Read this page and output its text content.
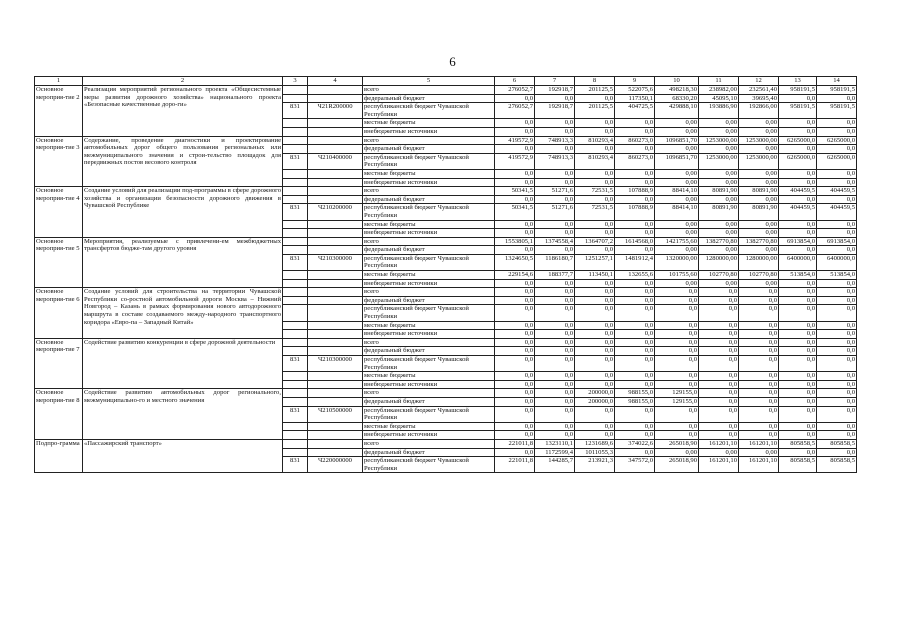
6
1	2	3	4	5	6	7	8	9	10	11	12	13	14
Основное мероприя-тие 2	Реализация мероприятий регионального проекта «Общесистемные меры развития дорожного хозяйства» национального проекта «Безопасные качественные доро-ги»			всего	276052,7	192918,7	201125,5	522075,6	498218,30	238982,00	232561,40	958191,5	958191,5
				федеральный бюджет	0,0	0,0	0,0	117350,1	68330,20	45095,10	39695,40	0,0	0,0
		831	Ч21R200000	республиканский бюджет Чувашской Республики	276052,7	192918,7	201125,5	404725,5	429888,10	193886,90	192866,00	958191,5	958191,5
				местные бюджеты	0,0	0,0	0,0	0,0	0,00	0,00	0,00	0,0	0,0
				внебюджетные источники	0,0	0,0	0,0	0,0	0,00	0,00	0,00	0,0	0,0
Основное мероприя-тие 3	Содержание, проведение диагностики и проектирование автомобильных дорог общего пользования региональных или межмуниципального значения и строи-тельство площадок для передвижных постов весового контроля			всего	419572,9	748913,3	810293,4	860273,0	1096851,70	1253000,00	1253000,00	6265000,0	6265000,0
				федеральный бюджет	0,0	0,0	0,0	0,0	0,00	0,00	0,00	0,0	0,0
		831	Ч210400000	республиканский бюджет Чувашской Республики	419572,9	748913,3	810293,4	860273,0	1096851,70	1253000,00	1253000,00	6265000,0	6265000,0
				местные бюджеты	0,0	0,0	0,0	0,0	0,00	0,00	0,00	0,0	0,0
				внебюджетные источники	0,0	0,0	0,0	0,0	0,00	0,00	0,00	0,0	0,0
Основное мероприя-тие 4	Создание условий для реализации под-программы в сфере дорожного хозяйства и организации безопасности дорожного движения в Чувашской Республике			всего	50341,5	51271,6	72531,5	107888,9	88414,10	80891,90	80891,90	404459,5	404459,5
				федеральный бюджет	0,0	0,0	0,0	0,0	0,00	0,00	0,00	0,0	0,0
		831	Ч210200000	республиканский бюджет Чувашской Республики	50341,5	51271,6	72531,5	107888,9	88414,10	80891,90	80891,90	404459,5	404459,5
				местные бюджеты	0,0	0,0	0,0	0,0	0,00	0,00	0,00	0,0	0,0
				внебюджетные источники	0,0	0,0	0,0	0,0	0,00	0,00	0,00	0,0	0,0
Основное мероприя-тие 5	Мероприятия, реализуемые с привлечени-ем межбюджетных трансфертов бюдже-там другого уровня			всего	1553805,1	1374558,4	1364707,2	1614568,0	1421755,60	1382770,80	1382770,80	6913854,0	6913854,0
				федеральный бюджет	0,0	0,0	0,0	0,0	0,00	0,00	0,00	0,0	0,0
		831	Ч210300000	республиканский бюджет Чувашской Республики	1324650,5	1186180,7	1251257,1	1481912,4	1320000,00	1280000,00	1280000,00	6400000,0	6400000,0
				местные бюджеты	229154,6	188377,7	113450,1	132655,6	101755,60	102770,80	102770,80	513854,0	513854,0
				внебюджетные источники	0,0	0,0	0,0	0,0	0,00	0,00	0,00	0,0	0,0
Основное мероприя-тие 6	Создание условий для строительства на территории Чувашской Республики со-ростной автомобильной дороги Москва – Нижний Новгород – Казань в рамках формирования нового автодорожного маршрута в составе создаваемого между-народного транспортного коридора «Евро-па – Западный Китай»			всего	0,0	0,0	0,0	0,0	0,0	0,0	0,0	0,0	0,0
				федеральный бюджет	0,0	0,0	0,0	0,0	0,0	0,0	0,0	0,0	0,0
				республиканский бюджет Чувашской Республики	0,0	0,0	0,0	0,0	0,0	0,0	0,0	0,0	0,0
				местные бюджеты	0,0	0,0	0,0	0,0	0,0	0,0	0,0	0,0	0,0
				внебюджетные источники	0,0	0,0	0,0	0,0	0,0	0,0	0,0	0,0	0,0
Основное мероприя-тие 7	Содействие развитию конкуренции в сфере дорожной деятельности			всего	0,0	0,0	0,0	0,0	0,0	0,0	0,0	0,0	0,0
				федеральный бюджет	0,0	0,0	0,0	0,0	0,0	0,0	0,0	0,0	0,0
		831	Ч210300000	республиканский бюджет Чувашской Республики	0,0	0,0	0,0	0,0	0,0	0,0	0,0	0,0	0,0
				местные бюджеты	0,0	0,0	0,0	0,0	0,0	0,0	0,0	0,0	0,0
				внебюджетные источники	0,0	0,0	0,0	0,0	0,0	0,0	0,0	0,0	0,0
Основное мероприя-тие 8	Содействие развитию автомобильных дорог регионального, межмуниципально-го и местного значения			всего	0,0	0,0	200000,0	988155,0	129155,0	0,0	0,0	0,0	0,0
				федеральный бюджет	0,0	0,0	200000,0	988155,0	129155,0	0,0	0,0	0,0	0,0
		831	Ч210500000	республиканский бюджет Чувашской Республики	0,0	0,0	0,0	0,0	0,0	0,0	0,0	0,0	0,0
				местные бюджеты	0,0	0,0	0,0	0,0	0,0	0,0	0,0	0,0	0,0
				внебюджетные источники	0,0	0,0	0,0	0,0	0,0	0,0	0,0	0,0	0,0
Подпро-грамма	«Пассажирский транспорт»			всего	221011,8	1323110,1	1231689,6	374022,6	265018,90	161201,10	161201,10	805858,5	805858,5
				федеральный бюджет	0,0	1172599,4	1011055,3	0,0	0,00	0,00	0,00	0,0	0,0
		831	Ч220000000	республиканский бюджет Чувашской Республики	221011,8	144285,7	213921,3	347572,0	265018,90	161201,10	161201,10	805858,5	805858,5
